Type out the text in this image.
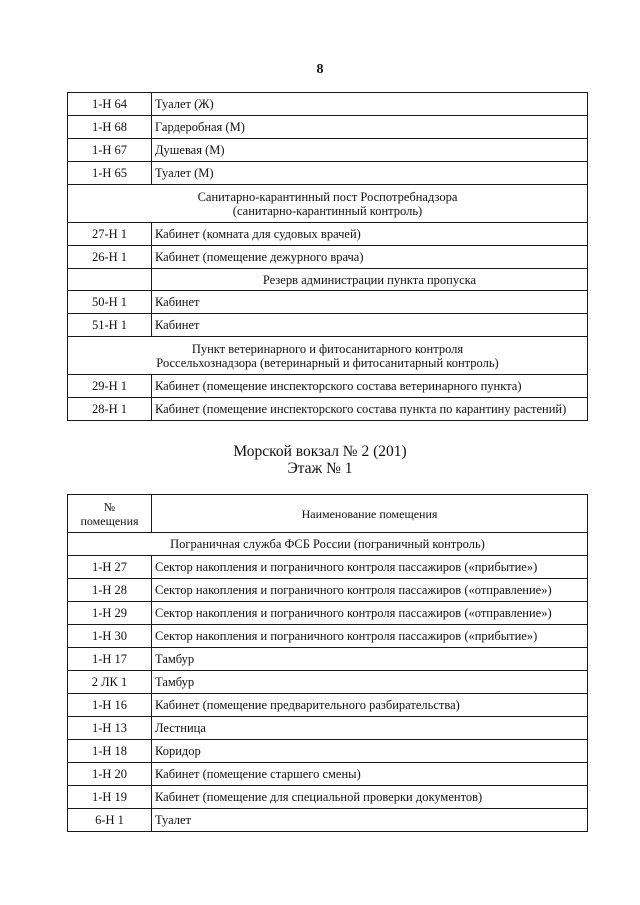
8
1-Н 64	Туалет (Ж)
1-Н 68	Гардеробная (М)
1-Н 67	Душевая (М)
1-Н 65	Туалет (М)

Санитарно-карантинный пост Роспотребнадзора
(санитарно-карантинный контроль)	

27-Н 1	Кабинет (комната для судовых врачей)
26-Н 1	Кабинет (помещение дежурного врача)
	Резерв администрации пункта пропуска
50-Н 1	Кабинет
51-Н 1	Кабинет

Пункт ветеринарного и фитосанитарного контроля
Россельхознадзора (ветеринарный и фитосанитарный контроль)	

29-Н 1	Кабинет (помещение инспекторского состава ветеринарного пункта)
28-Н 1	Кабинет (помещение инспекторского состава пункта по карантину растений)
Морской вокзал № 2 (201)
Этаж № 1
№
помещения	Наименование помещения
Пограничная служба ФСБ России (пограничный контроль)	
1-Н 27	Сектор накопления и пограничного контроля пассажиров («прибытие»)
1-Н 28	Сектор накопления и пограничного контроля пассажиров («отправление»)
1-Н 29	Сектор накопления и пограничного контроля пассажиров («отправление»)
1-Н 30	Сектор накопления и пограничного контроля пассажиров («прибытие»)
1-Н 17	Тамбур
2 ЛК 1	Тамбур
1-Н 16	Кабинет (помещение предварительного разбирательства)
1-Н 13	Лестница
1-Н 18	Коридор
1-Н 20	Кабинет (помещение старшего смены)
1-Н 19	Кабинет (помещение для специальной проверки документов)
6-Н 1	Туалет
